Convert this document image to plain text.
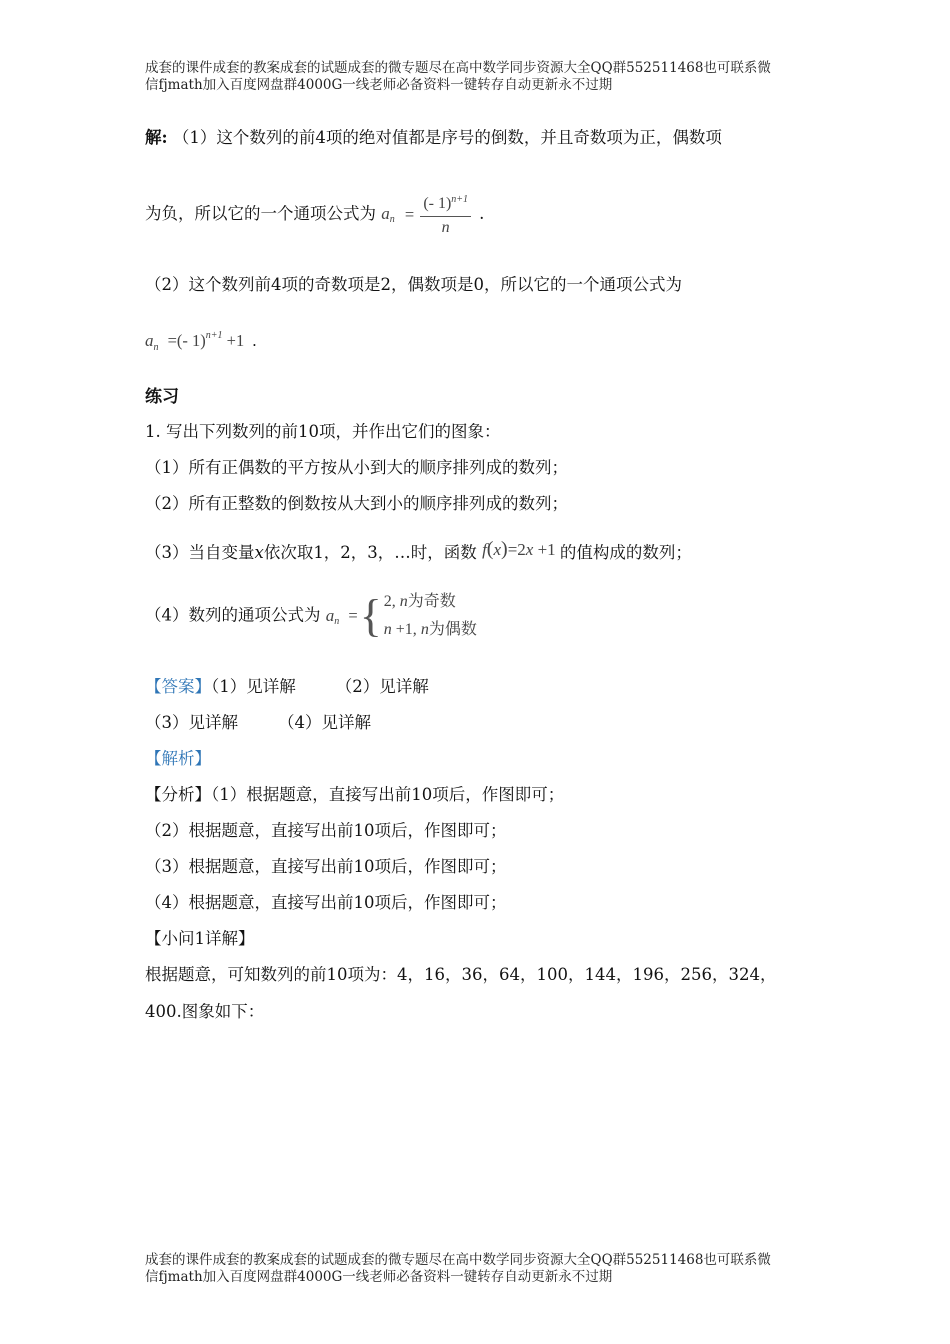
成套的课件成套的教案成套的试题成套的微专题尽在高中数学同步资源大全QQ群552511468也可联系微
信fjmath加入百度网盘群4000G一线老师必备资料一键转存自动更新永不过期
解: （1）这个数列的前4项的绝对值都是序号的倒数，并且奇数项为正，偶数项
为负，所以它的一个通项公式为 $a_n = \frac{(- 1)^{n+1}}{n}$ .
（2）这个数列前4项的奇数项是2，偶数项是0，所以它的一个通项公式为
$a_n$ =(- 1)$^{n+1}$ +1 .
练习
1. 写出下列数列的前10项，并作出它们的图象：
（1）所有正偶数的平方按从小到大的顺序排列成的数列；
（2）所有正整数的倒数按从大到小的顺序排列成的数列；
（3）当自变量x依次取1，2，3，…时，函数 f(x)=2x +1 的值构成的数列；
（4）数列的通项公式为 $a_n$ ={ 2, n为奇数
n +1, n为偶数
【答案】（1）见详解 （2）见详解
（3）见详解 （4）见详解
【解析】
【分析】（1）根据题意，直接写出前10项后，作图即可；
（2）根据题意，直接写出前10项后，作图即可；
（3）根据题意，直接写出前10项后，作图即可；
（4）根据题意，直接写出前10项后，作图即可；
【小问1详解】
根据题意，可知数列的前10项为：4，16，36，64，100，144，196，256，324，
400.图象如下：
成套的课件成套的教案成套的试题成套的微专题尽在高中数学同步资源大全QQ群552511468也可联系微
信fjmath加入百度网盘群4000G一线老师必备资料一键转存自动更新永不过期
